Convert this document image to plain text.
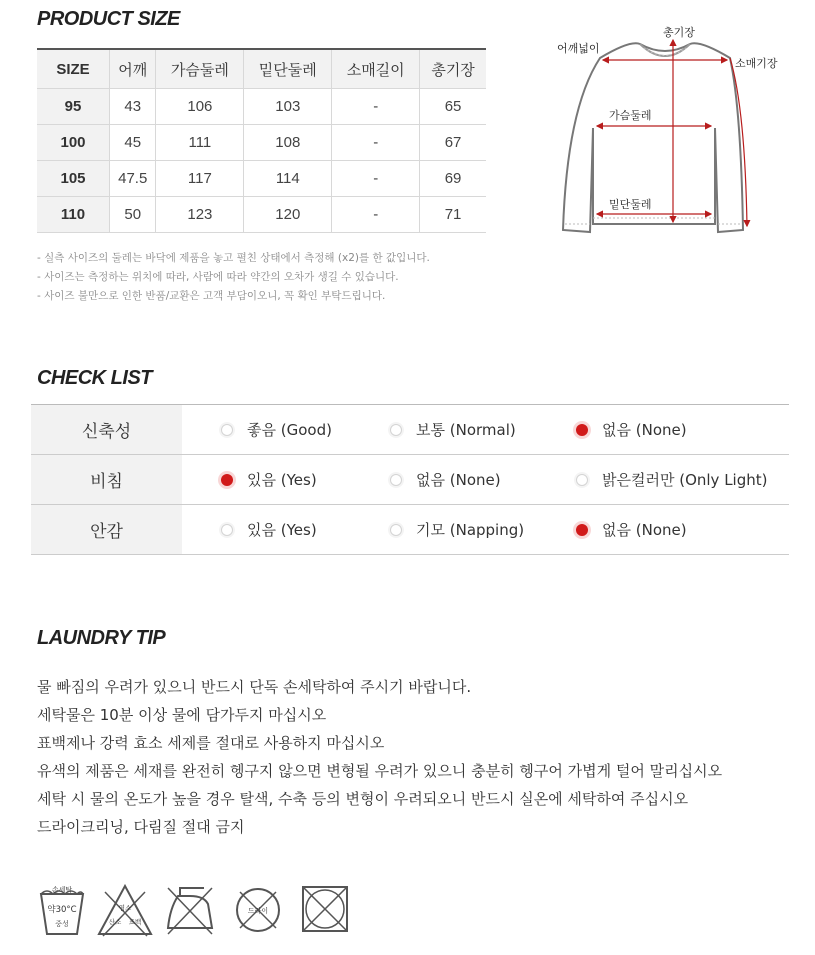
PRODUCT SIZE
SIZE	어깨	가슴둘레	밑단둘레	소매길이	총기장
95	43	106	103	-	65
100	45	111	108	-	67
105	47.5	117	114	-	69
110	50	123	120	-	71
- 실측 사이즈의 둘레는 바닥에 제품을 놓고 펼친 상태에서 측정해 (x2)를 한 값입니다.
- 사이즈는 측정하는 위치에 따라, 사람에 따라 약간의 오차가 생길 수 있습니다.
- 사이즈 불만으로 인한 반품/교환은 고객 부담이오니, 꼭 확인 부탁드립니다.
어깨넓이
총기장
소매기장
가슴둘레
밑단둘레
CHECK LIST
신축성	좋음 (Good)	보통 (Normal)	없음 (None)
비침	있음 (Yes)	없음 (None)	밝은컬러만 (Only Light)
안감	있음 (Yes)	기모 (Napping)	없음 (None)
LAUNDRY TIP
물 빠짐의 우려가 있으니 반드시 단독 손세탁하여 주시기 바랍니다.
세탁물은 10분 이상 물에 담가두지 마십시오
표백제나 강력 효소 세제를 절대로 사용하지 마십시오
유색의 제품은 세재를 완전히 헹구지 않으면 변형될 우려가 있으니 충분히 헹구어 가볍게 털어 말리십시오
세탁 시 물의 온도가 높을 경우 탈색, 수축 등의 변형이 우려되오니 반드시 실온에 세탁하여 주십시오
드라이크리닝, 다림질 절대 금지
손세탁
약30°C
중성
염소
산소 표백
드라이
